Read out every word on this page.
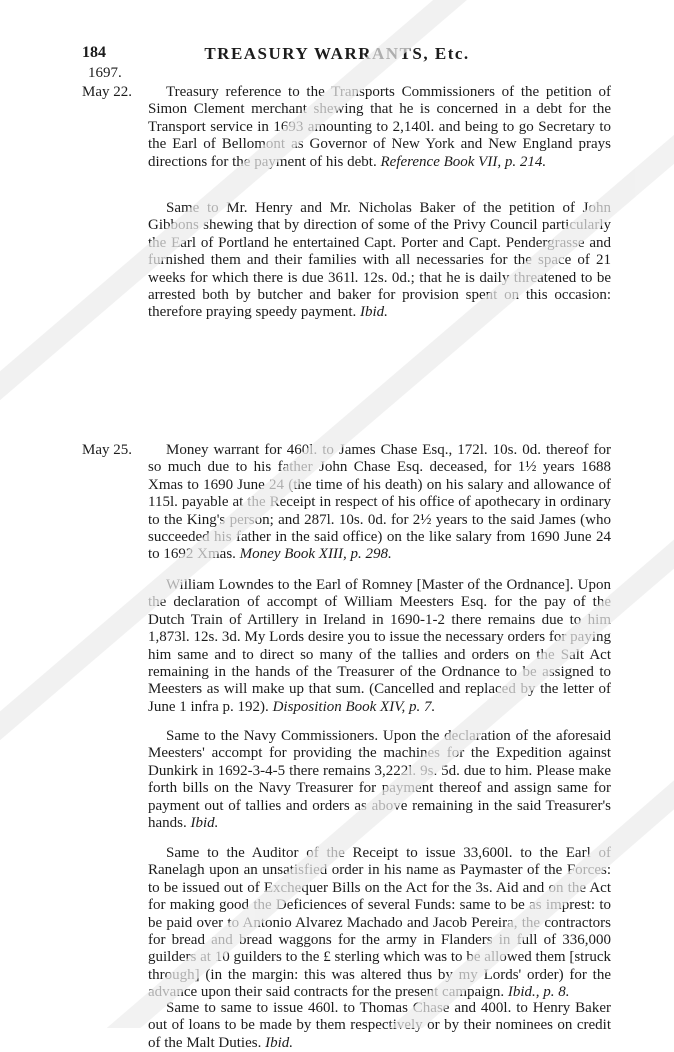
184	TREASURY WARRANTS, Etc.
1697.
May 22.
May 25.

Treasury reference to the Transports Commissioners of the petition of Simon Clement merchant shewing that he is concerned in a debt for the Transport service in 1693 amounting to 2,140l. and being to go Secretary to the Earl of Bellomont as Governor of New York and New England prays directions for the payment of his debt. Reference Book VII, p. 214.

Same to Mr. Henry and Mr. Nicholas Baker of the petition of John Gibbons shewing that by direction of some of the Privy Council particularly the Earl of Portland he entertained Capt. Porter and Capt. Pendergrasse and furnished them and their families with all necessaries for the space of 21 weeks for which there is due 361l. 12s. 0d.; that he is daily threatened to be arrested both by butcher and baker for provision spent on this occasion: therefore praying speedy payment. Ibid.

Money warrant for 460l. to James Chase Esq., 172l. 10s. 0d. thereof for so much due to his father John Chase Esq. deceased, for 1½ years 1688 Xmas to 1690 June 24 (the time of his death) on his salary and allowance of 115l. payable at the Receipt in respect of his office of apothecary in ordinary to the King's person; and 287l. 10s. 0d. for 2½ years to the said James (who succeeded his father in the said office) on the like salary from 1690 June 24 to 1692 Xmas. Money Book XIII, p. 298.

William Lowndes to the Earl of Romney [Master of the Ordnance]. Upon the declaration of accompt of William Meesters Esq. for the pay of the Dutch Train of Artillery in Ireland in 1690-1-2 there remains due to him 1,873l. 12s. 3d. My Lords desire you to issue the necessary orders for paying him same and to direct so many of the tallies and orders on the Salt Act remaining in the hands of the Treasurer of the Ordnance to be assigned to Meesters as will make up that sum. (Cancelled and replaced by the letter of June 1 infra p. 192). Disposition Book XIV, p. 7.

Same to the Navy Commissioners. Upon the declaration of the aforesaid Meesters' accompt for providing the machines for the Expedition against Dunkirk in 1692-3-4-5 there remains 3,222l. 9s. 5d. due to him. Please make forth bills on the Navy Treasurer for payment thereof and assign same for payment out of tallies and orders as above remaining in the said Treasurer's hands. Ibid.

Same to the Auditor of the Receipt to issue 33,600l. to the Earl of Ranelagh upon an unsatisfied order in his name as Paymaster of the Forces: to be issued out of Exchequer Bills on the Act for the 3s. Aid and on the Act for making good the Deficiences of several Funds: same to be as imprest: to be paid over to Antonio Alvarez Machado and Jacob Pereira, the contractors for bread and bread waggons for the army in Flanders in full of 336,000 guilders at 10 guilders to the £ sterling which was to be allowed them [struck through] (in the margin: this was altered thus by my Lords' order) for the advance upon their said contracts for the present campaign. Ibid., p. 8.

Same to same to issue 460l. to Thomas Chase and 400l. to Henry Baker out of loans to be made by them respectively or by their nominees on credit of the Malt Duties. Ibid.
